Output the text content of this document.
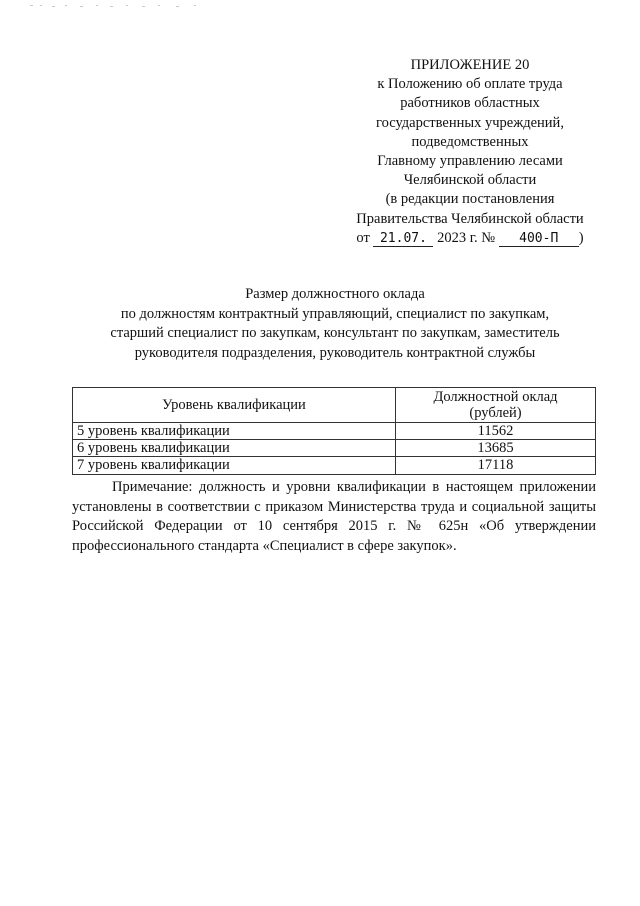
ПРИЛОЖЕНИЕ 20
к Положению об оплате труда
работников областных
государственных учреждений,
подведомственных
Главному управлению лесами
Челябинской области
(в редакции постановления
Правительства Челябинской области
от 21.07. 2023 г. № 400-П )
Размер должностного оклада
по должностям контрактный управляющий, специалист по закупкам,
старший специалист по закупкам, консультант по закупкам, заместитель
руководителя подразделения, руководитель контрактной службы
Уровень квалификации	Должностной оклад
(рублей)
5 уровень квалификации	11562
6 уровень квалификации	13685
7 уровень квалификации	17118
Примечание: должность и уровни квалификации в настоящем приложении установлены в соответствии с приказом Министерства труда и социальной защиты Российской Федерации от 10 сентября 2015 г. № 625н «Об утверждении профессионального стандарта «Специалист в сфере закупок».
